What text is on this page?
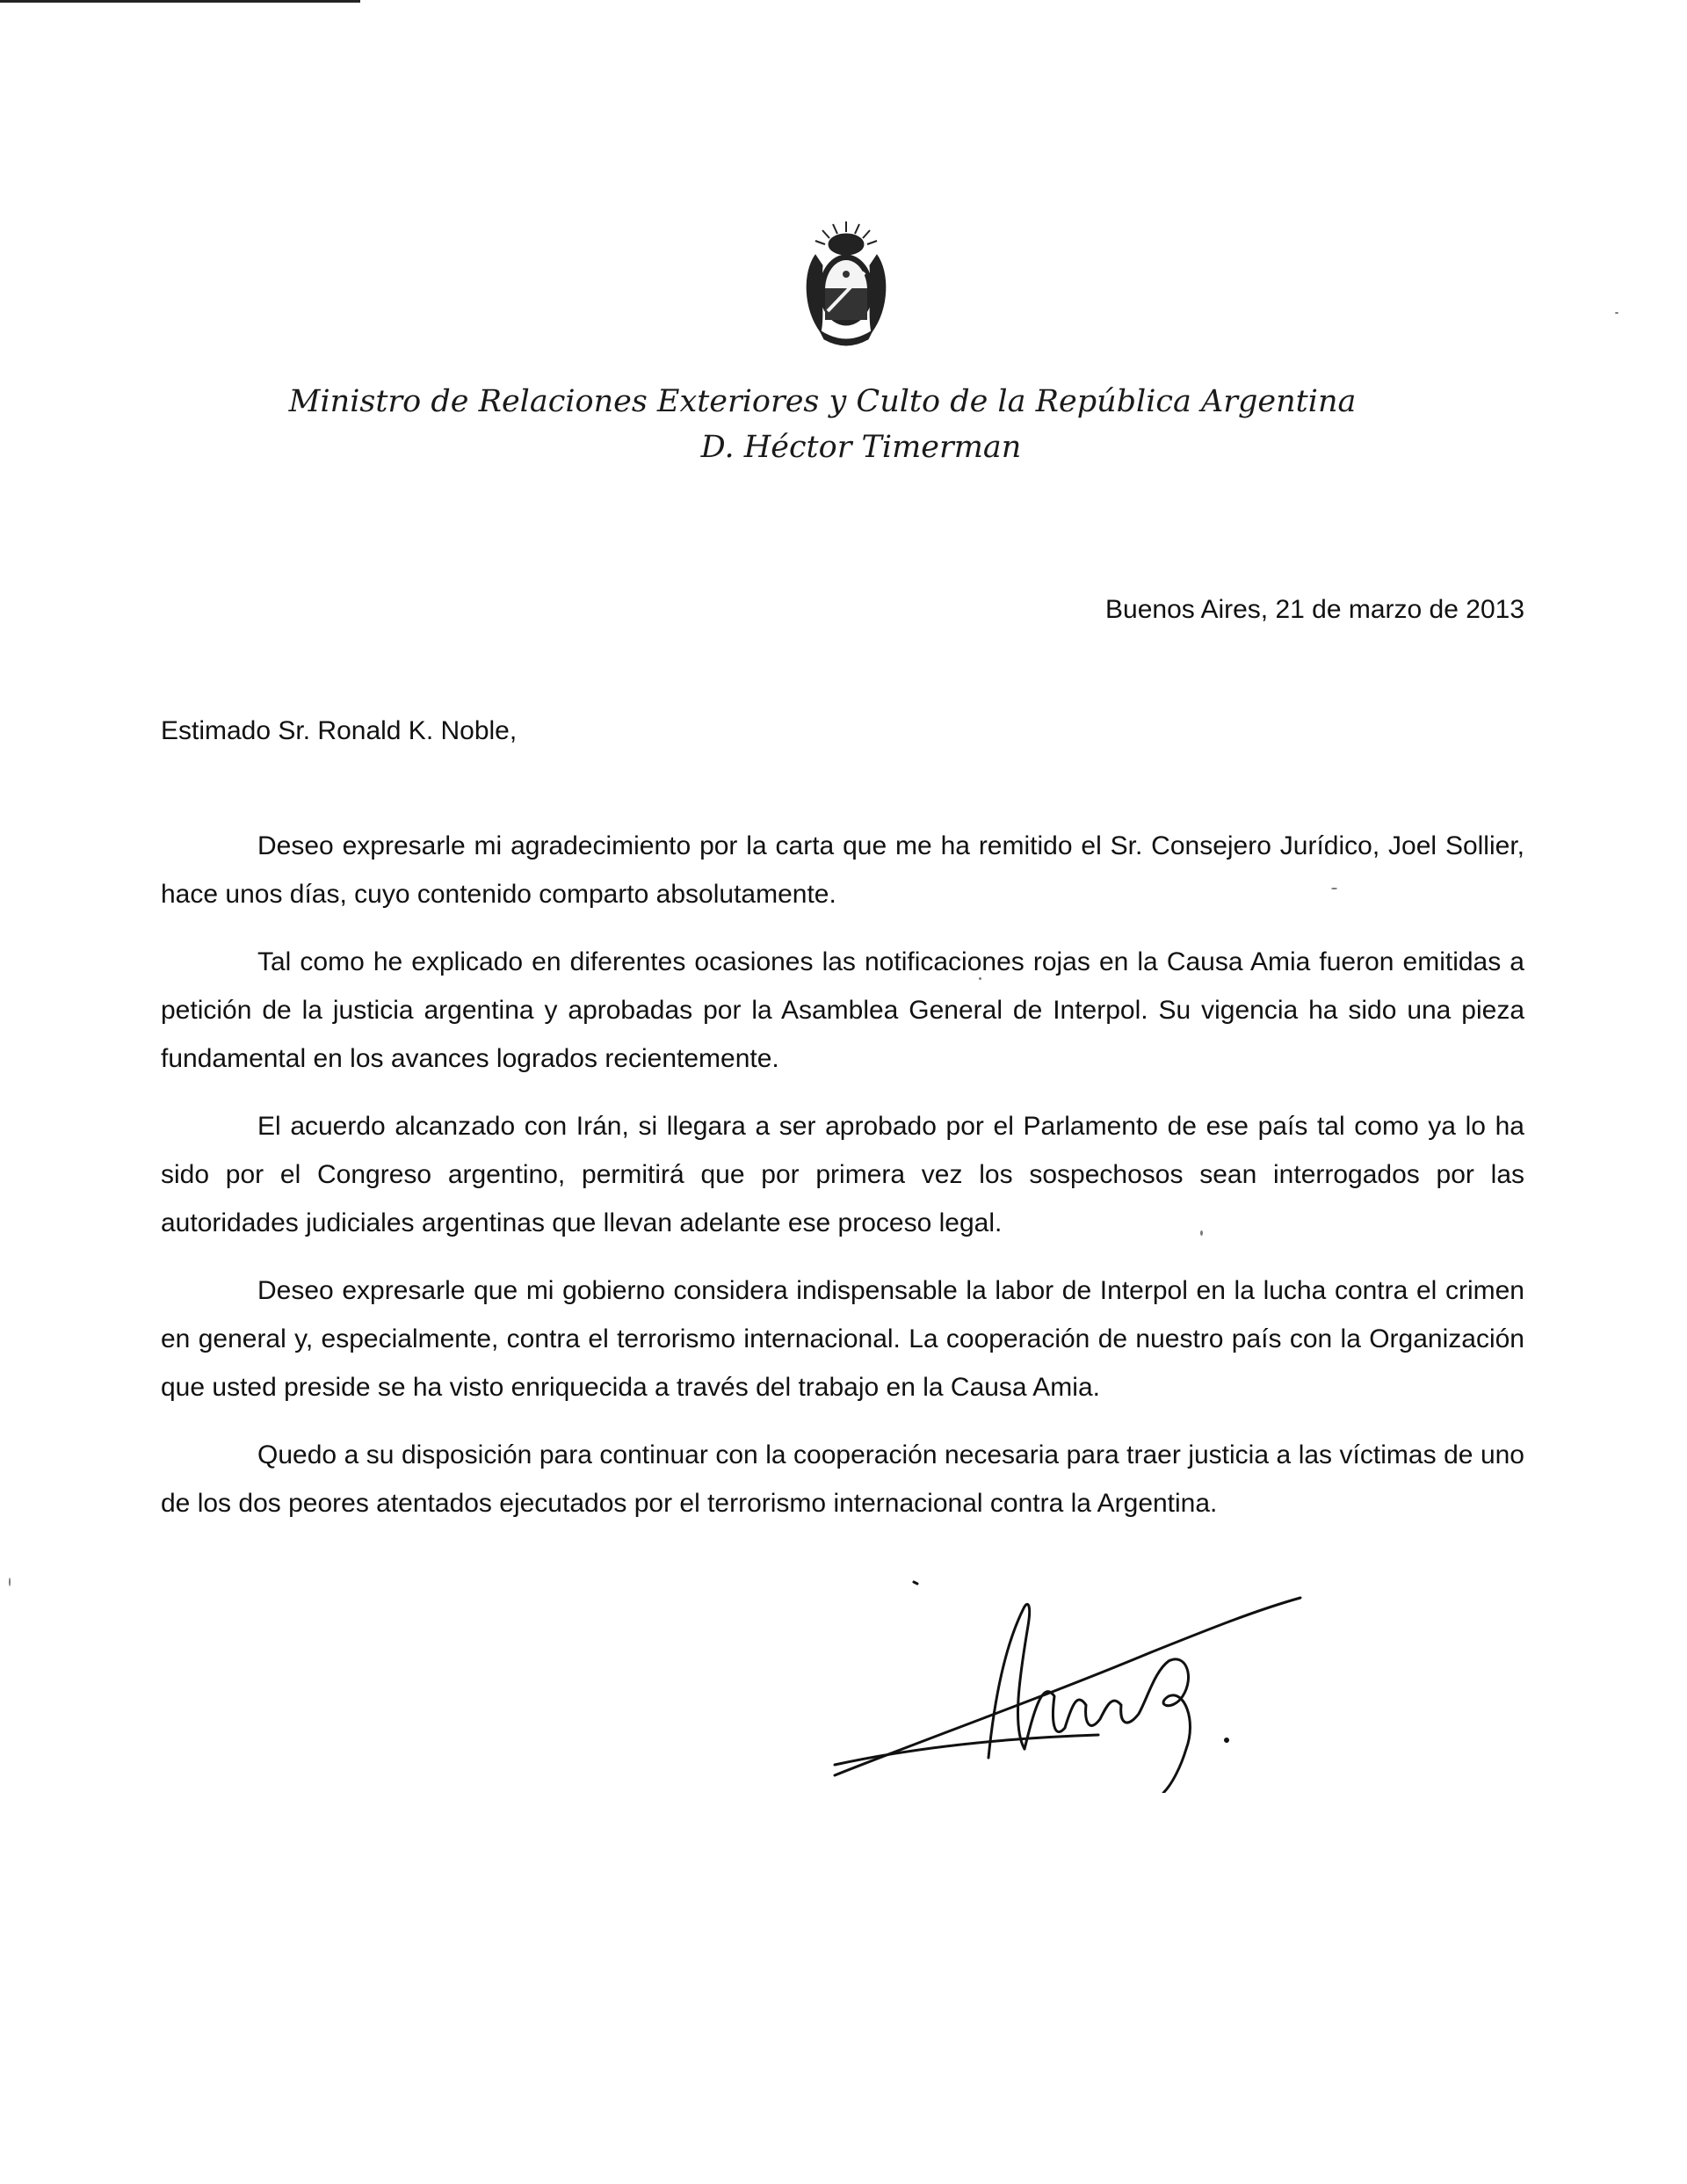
Ministro de Relaciones Exteriores y Culto de la República Argentina
D. Héctor Timerman
Buenos Aires, 21 de marzo de 2013
Estimado Sr. Ronald K. Noble,

Deseo expresarle mi agradecimiento por la carta que me ha remitido el Sr. Consejero Jurídico, Joel Sollier, hace unos días, cuyo contenido comparto absolutamente.

Tal como he explicado en diferentes ocasiones las notificaciones rojas en la Causa Amia fueron emitidas a petición de la justicia argentina y aprobadas por la Asamblea General de Interpol. Su vigencia ha sido una pieza fundamental en los avances logrados recientemente.

El acuerdo alcanzado con Irán, si llegara a ser aprobado por el Parlamento de ese país tal como ya lo ha sido por el Congreso argentino, permitirá que por primera vez los sospechosos sean interrogados por las autoridades judiciales argentinas que llevan adelante ese proceso legal.

Deseo expresarle que mi gobierno considera indispensable la labor de Interpol en la lucha contra el crimen en general y, especialmente, contra el terrorismo internacional. La cooperación de nuestro país con la Organización que usted preside se ha visto enriquecida a través del trabajo en la Causa Amia.

Quedo a su disposición para continuar con la cooperación necesaria para traer justicia a las víctimas de uno de los dos peores atentados ejecutados por el terrorismo internacional contra la Argentina.
